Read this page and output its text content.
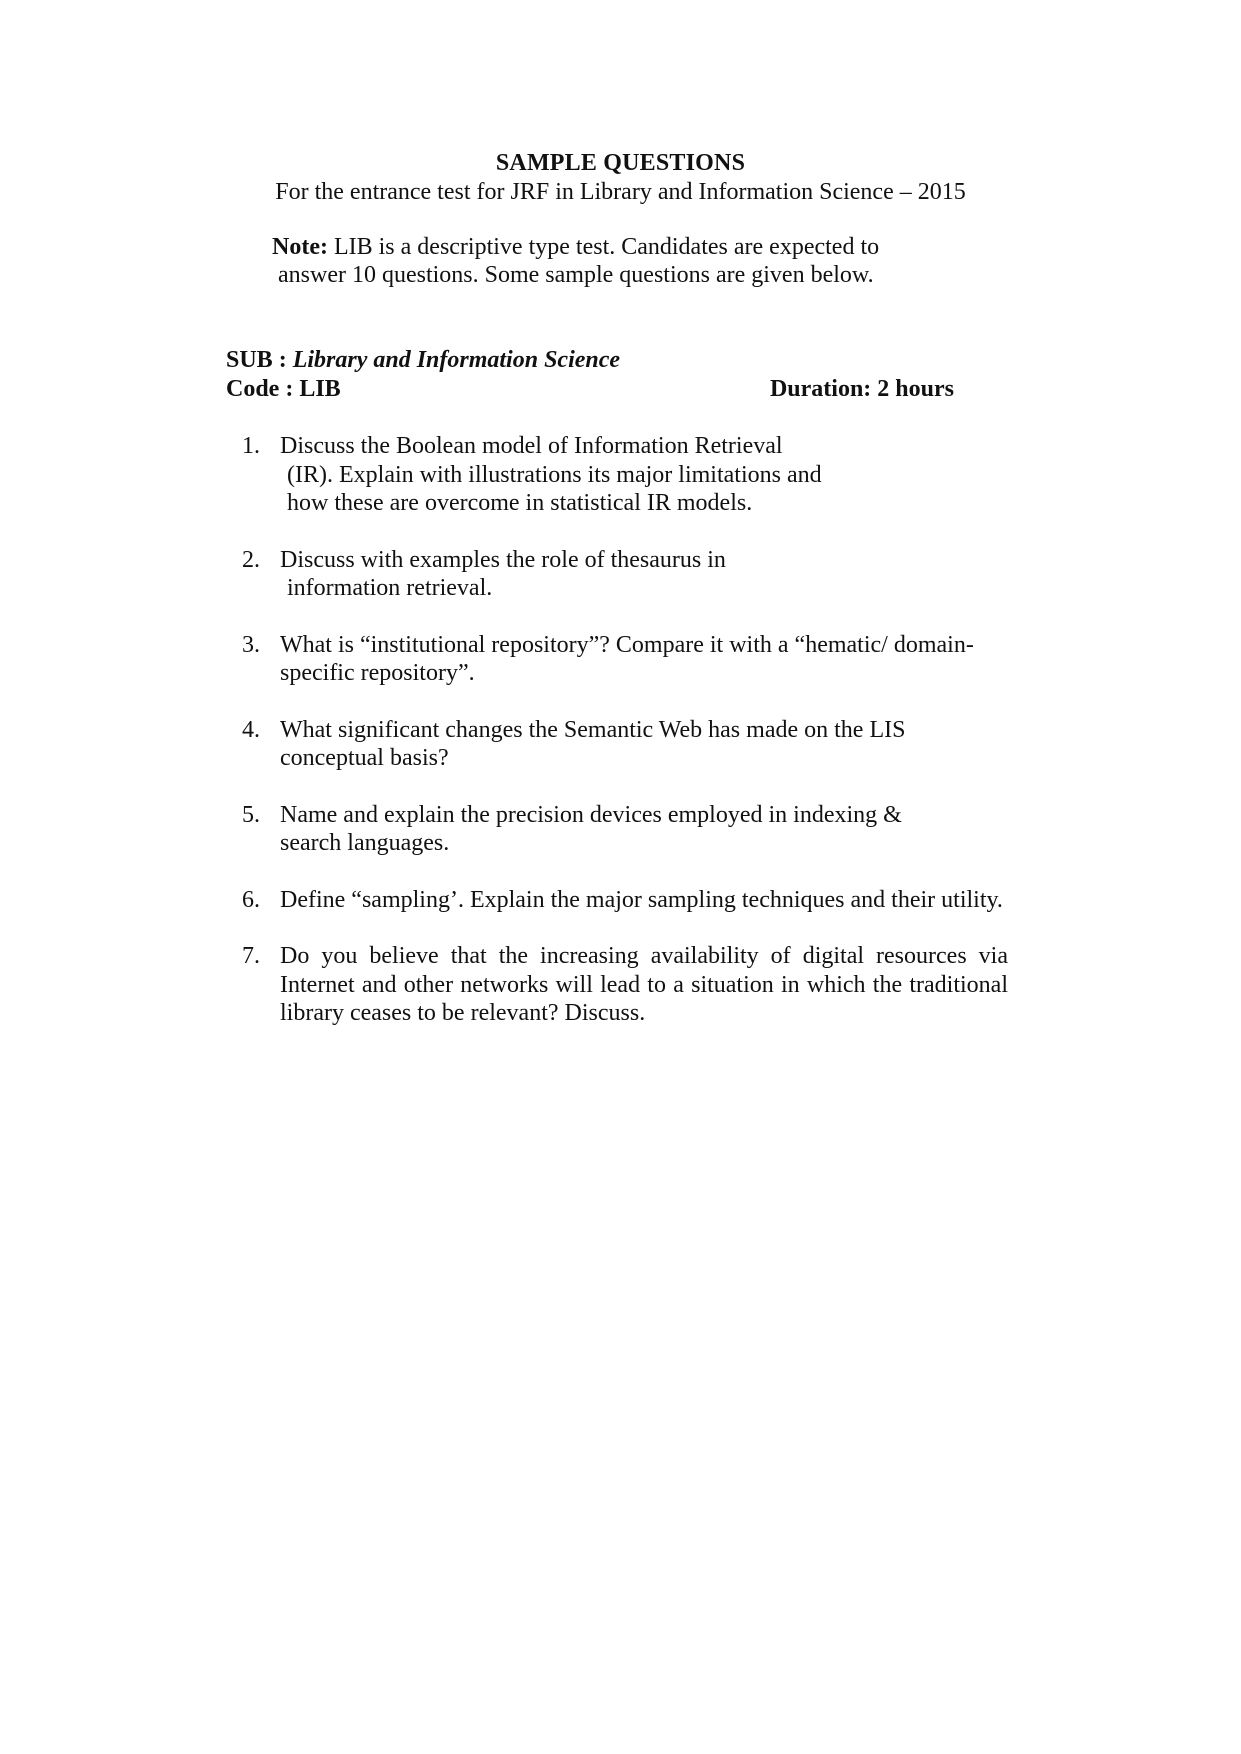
SAMPLE QUESTIONS
For the entrance test for JRF in Library and Information Science – 2015
Note: LIB is a descriptive type test. Candidates are expected to
answer 10 questions. Some sample questions are given below.
SUB : Library and Information Science
Code : LIB	Duration: 2 hours
1. Discuss the Boolean model of Information Retrieval
(IR). Explain with illustrations its major limitations and
how these are overcome in statistical IR models.
2. Discuss with examples the role of thesaurus in
information retrieval.
3. What is “institutional repository”? Compare it with a “hematic/ domain-
specific repository”.
4. What significant changes the Semantic Web has made on the LIS
conceptual basis?
5. Name and explain the precision devices employed in indexing &
search languages.
6. Define “sampling’. Explain the major sampling techniques and their utility.
7. Do you believe that the increasing availability of digital resources via Internet and other networks will lead to a situation in which the traditional library ceases to be relevant? Discuss.
